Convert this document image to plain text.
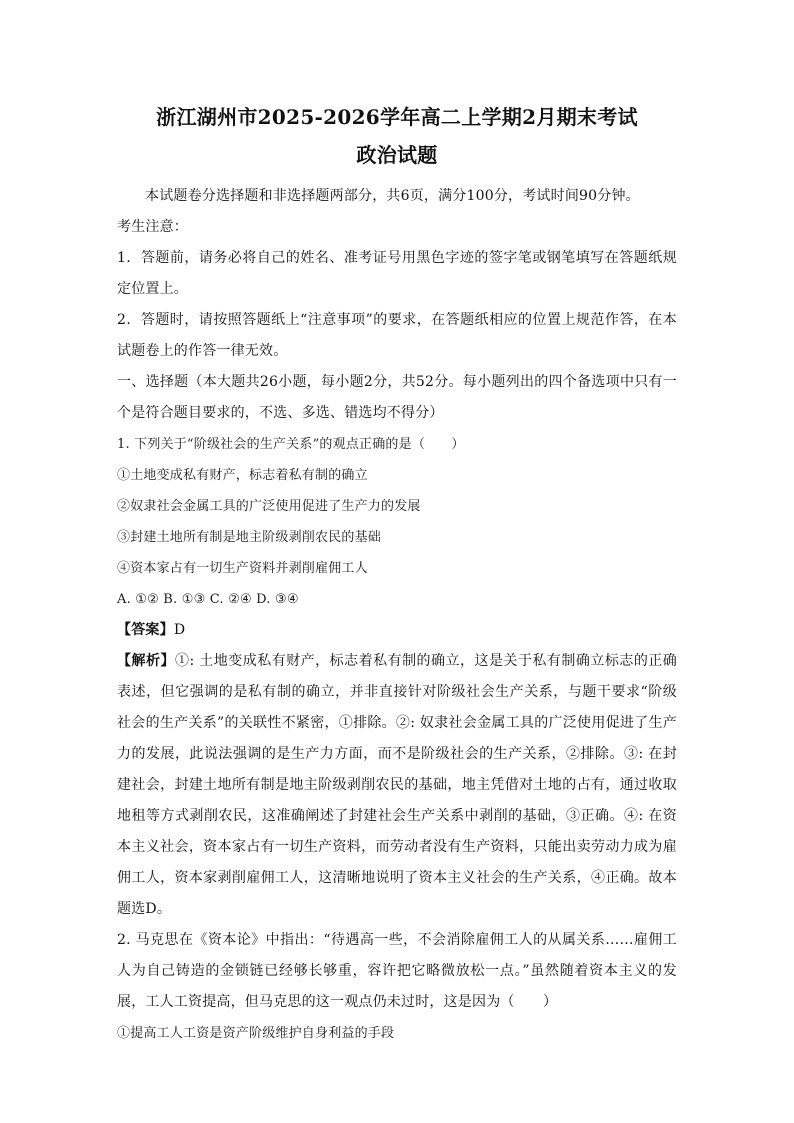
浙江湖州市2025-2026学年高二上学期2月期末考试
政治试题

本试题卷分选择题和非选择题两部分，共6页，满分100分，考试时间90分钟。

考生注意：

1．答题前，请务必将自己的姓名、准考证号用黑色字迹的签字笔或钢笔填写在答题纸规定位置上。

2．答题时，请按照答题纸上“注意事项”的要求，在答题纸相应的位置上规范作答，在本试题卷上的作答一律无效。

一、选择题（本大题共26小题，每小题2分，共52分。每小题列出的四个备选项中只有一个是符合题目要求的，不选、多选、错选均不得分）

1. 下列关于“阶级社会的生产关系”的观点正确的是（　　）

①土地变成私有财产，标志着私有制的确立

②奴隶社会金属工具的广泛使用促进了生产力的发展

③封建土地所有制是地主阶级剥削农民的基础

④资本家占有一切生产资料并剥削雇佣工人

A. ①② B. ①③ C. ②④ D. ③④

【答案】D

【解析】①: 土地变成私有财产，标志着私有制的确立，这是关于私有制确立标志的正确表述，但它强调的是私有制的确立，并非直接针对阶级社会生产关系，与题干要求“阶级社会的生产关系”的关联性不紧密，①排除。②: 奴隶社会金属工具的广泛使用促进了生产力的发展，此说法强调的是生产力方面，而不是阶级社会的生产关系，②排除。③: 在封建社会，封建土地所有制是地主阶级剥削农民的基础，地主凭借对土地的占有，通过收取地租等方式剥削农民，这准确阐述了封建社会生产关系中剥削的基础，③正确。④: 在资本主义社会，资本家占有一切生产资料，而劳动者没有生产资料，只能出卖劳动力成为雇佣工人，资本家剥削雇佣工人，这清晰地说明了资本主义社会的生产关系，④正确。故本题选D。

2. 马克思在《资本论》中指出：“待遇高一些，不会消除雇佣工人的从属关系……雇佣工人为自己铸造的金锁链已经够长够重，容许把它略微放松一点。”虽然随着资本主义的发展，工人工资提高，但马克思的这一观点仍未过时，这是因为（　　）

①提高工人工资是资产阶级维护自身利益的手段
